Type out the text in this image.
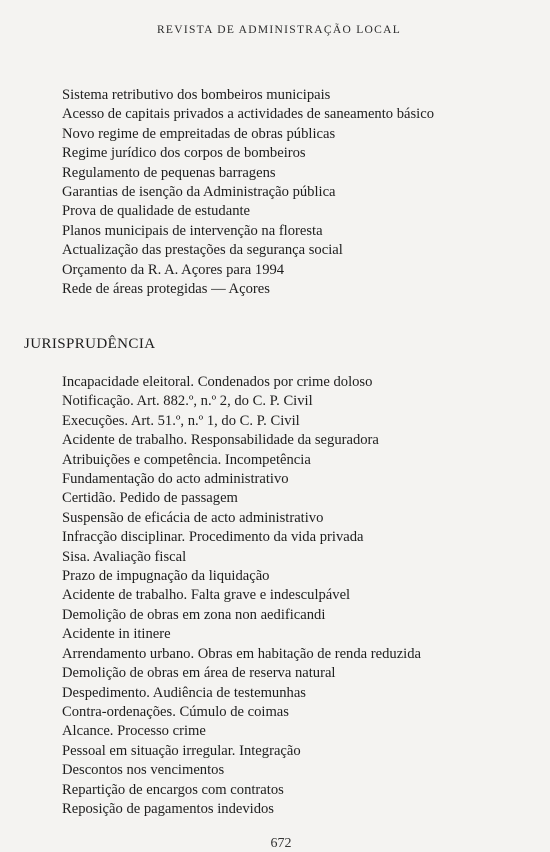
REVISTA DE ADMINISTRAÇÃO LOCAL
Sistema retributivo dos bombeiros municipais
Acesso de capitais privados a actividades de saneamento básico
Novo regime de empreitadas de obras públicas
Regime jurídico dos corpos de bombeiros
Regulamento de pequenas barragens
Garantias de isenção da Administração pública
Prova de qualidade de estudante
Planos municipais de intervenção na floresta
Actualização das prestações da segurança social
Orçamento da R. A. Açores para 1994
Rede de áreas protegidas — Açores
JURISPRUDÊNCIA
Incapacidade eleitoral. Condenados por crime doloso
Notificação. Art. 882.º, n.º 2, do C. P. Civil
Execuções. Art. 51.º, n.º 1, do C. P. Civil
Acidente de trabalho. Responsabilidade da seguradora
Atribuições e competência. Incompetência
Fundamentação do acto administrativo
Certidão. Pedido de passagem
Suspensão de eficácia de acto administrativo
Infracção disciplinar. Procedimento da vida privada
Sisa. Avaliação fiscal
Prazo de impugnação da liquidação
Acidente de trabalho. Falta grave e indesculpável
Demolição de obras em zona non aedificandi
Acidente in itinere
Arrendamento urbano. Obras em habitação de renda reduzida
Demolição de obras em área de reserva natural
Despedimento. Audiência de testemunhas
Contra-ordenações. Cúmulo de coimas
Alcance. Processo crime
Pessoal em situação irregular. Integração
Descontos nos vencimentos
Repartição de encargos com contratos
Reposição de pagamentos indevidos
672
